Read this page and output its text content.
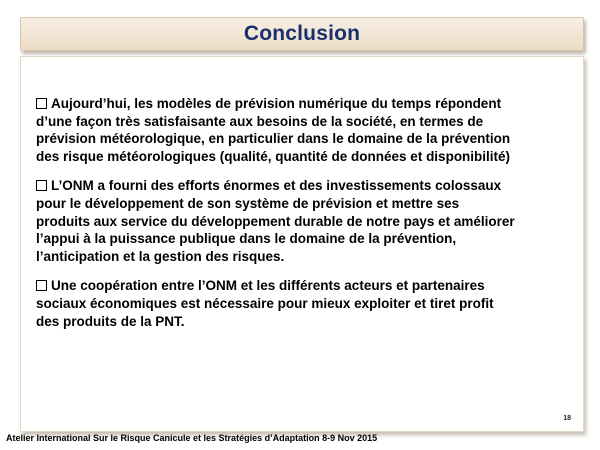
Conclusion
Aujourd’hui, les modèles de prévision numérique du temps répondent
d’une façon très satisfaisante aux besoins de la société, en termes de
prévision météorologique, en particulier dans le domaine de la prévention
des risque météorologiques (qualité, quantité de données et disponibilité)
L’ONM a fourni des efforts énormes et des investissements colossaux
pour le développement de son système de prévision et mettre ses
produits aux service du développement durable de notre pays et améliorer
l’appui à la puissance publique dans le domaine de la prévention,
l’anticipation et la gestion des risques.
Une coopération entre l’ONM et les différents acteurs et partenaires
sociaux économiques est nécessaire pour mieux exploiter et tiret profit
des produits de la PNT.
18
Atelier International Sur le Risque Canicule et les Stratégies d’Adaptation 8-9 Nov 2015
